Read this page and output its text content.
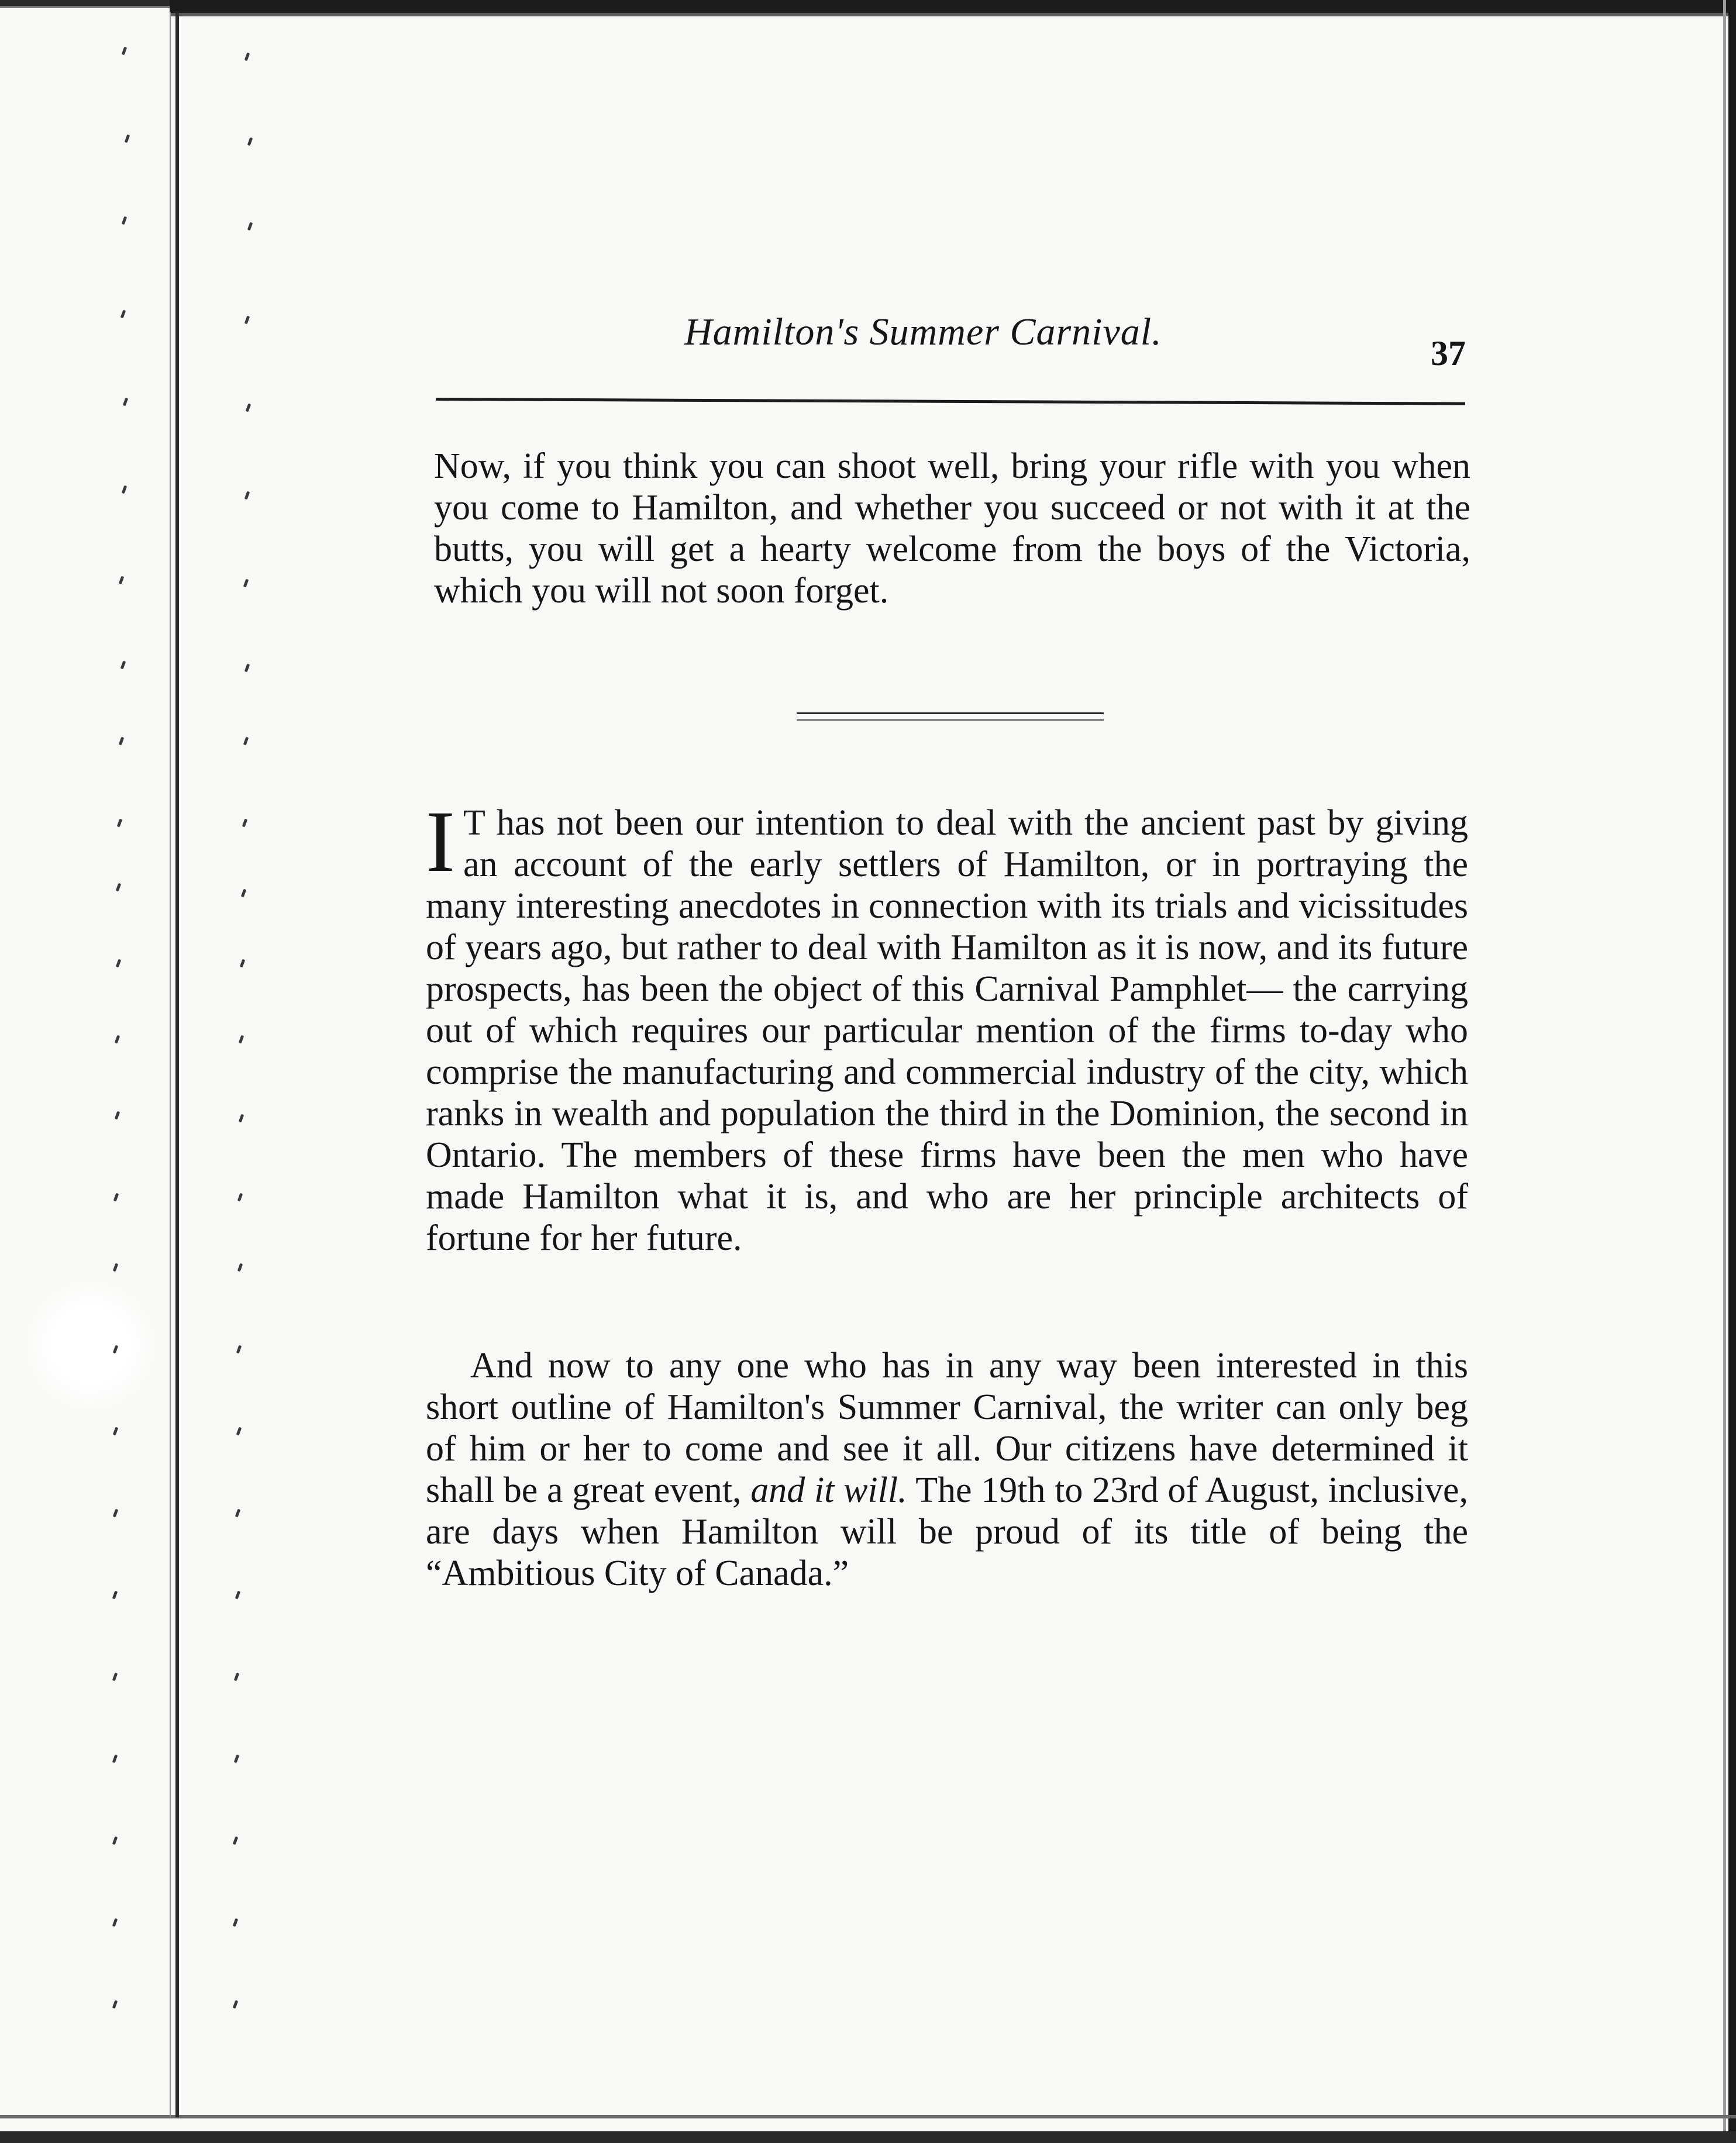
Hamilton's Summer Carnival.	37
Now, if you think you can shoot well, bring your rifle with you when you come to Hamilton, and whether you succeed or not with it at the butts, you will get a hearty welcome from the boys of the Victoria, which you will not soon forget.
I T has not been our intention to deal with the ancient past by giving an account of the early settlers of Hamilton, or in portraying the many interesting anecdotes in connection with its trials and vicissitudes of years ago, but rather to deal with Hamilton as it is now, and its future prospects, has been the object of this Carnival Pamphlet— the carrying out of which requires our particular mention of the firms to-day who comprise the manufacturing and commercial industry of the city, which ranks in wealth and population the third in the Dominion, the second in Ontario. The members of these firms have been the men who have made Hamilton what it is, and who are her principle architects of fortune for her future.
And now to any one who has in any way been interested in this short outline of Hamilton's Summer Carnival, the writer can only beg of him or her to come and see it all. Our citizens have determined it shall be a great event, and it will. The 19th to 23rd of August, inclusive, are days when Hamilton will be proud of its title of being the “Ambitious City of Canada.”
